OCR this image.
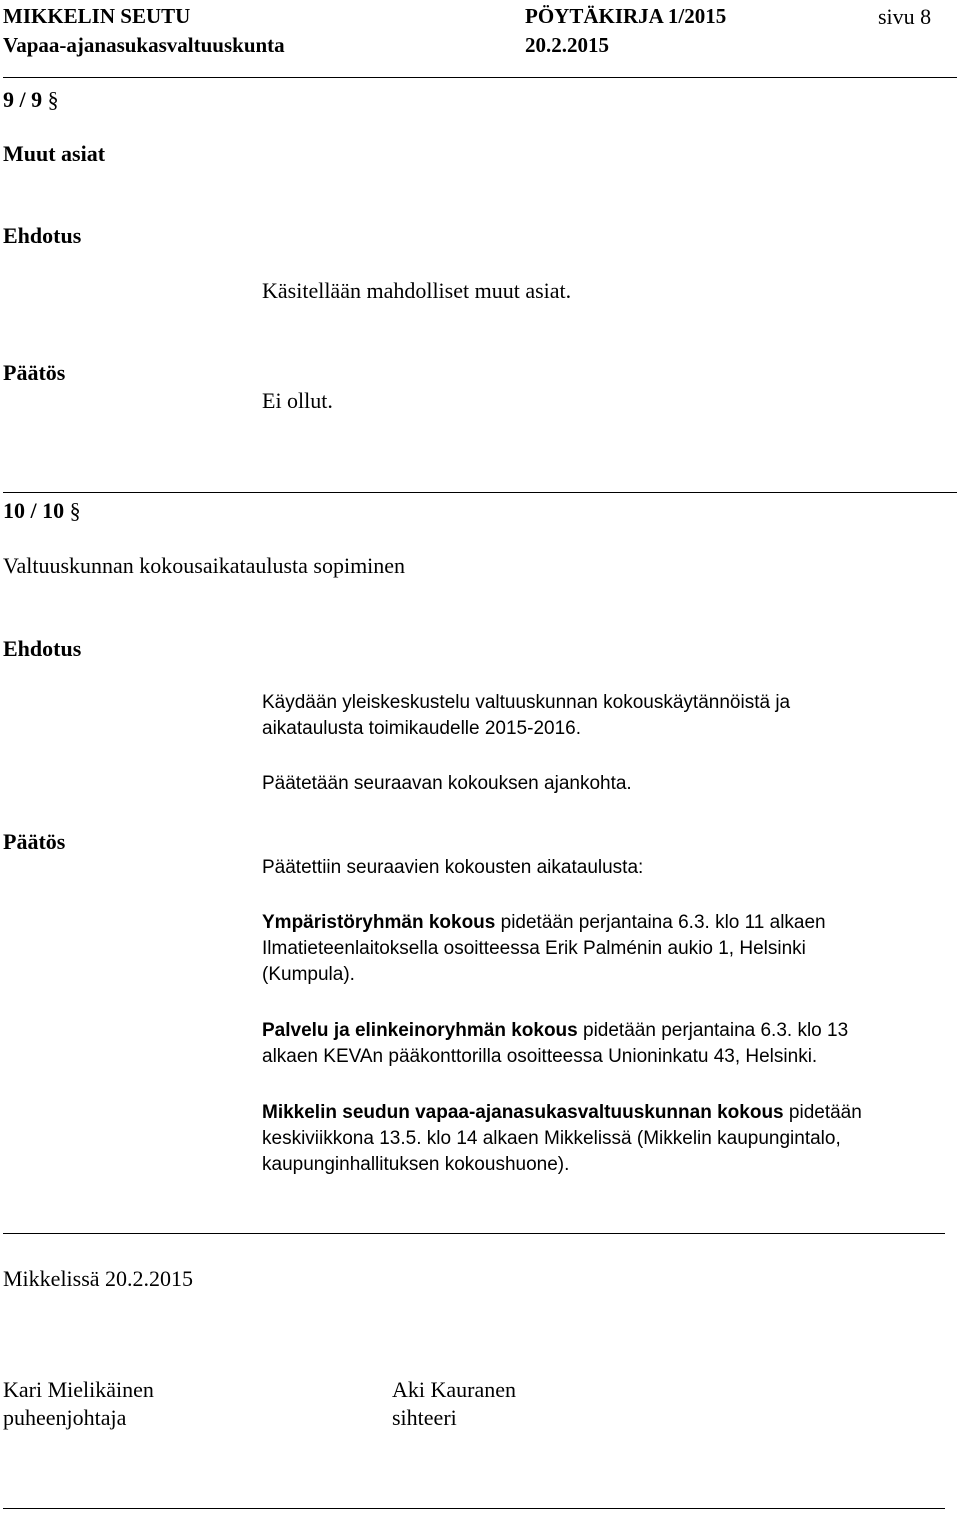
MIKKELIN SEUTU	PÖYTÄKIRJA 1/2015	sivu 8
Vapaa-ajanasukasvaltuuskunta	20.2.2015
9 / 9 §
Muut asiat
Ehdotus
Käsitellään mahdolliset muut asiat.
Päätös
Ei ollut.
10 / 10 §
Valtuuskunnan kokousaikataulusta sopiminen
Ehdotus
Käydään yleiskeskustelu valtuuskunnan kokouskäytännöistä ja
aikataulusta toimikaudelle 2015-2016.
Päätetään seuraavan kokouksen ajankohta.
Päätös
Päätettiin seuraavien kokousten aikataulusta:
Ympäristöryhmän kokous pidetään perjantaina 6.3. klo 11 alkaen
Ilmatieteenlaitoksella osoitteessa Erik Palménin aukio 1, Helsinki
(Kumpula).
Palvelu ja elinkeinoryhmän kokous pidetään perjantaina 6.3. klo 13
alkaen KEVAn pääkonttorilla osoitteessa Unioninkatu 43, Helsinki.
Mikkelin seudun vapaa-ajanasukasvaltuuskunnan kokous pidetään
keskiviikkona 13.5. klo 14 alkaen Mikkelissä (Mikkelin kaupungintalo,
kaupunginhallituksen kokoushuone).
Mikkelissä 20.2.2015
Kari Mielikäinen
puheenjohtaja
Aki Kauranen
sihteeri
